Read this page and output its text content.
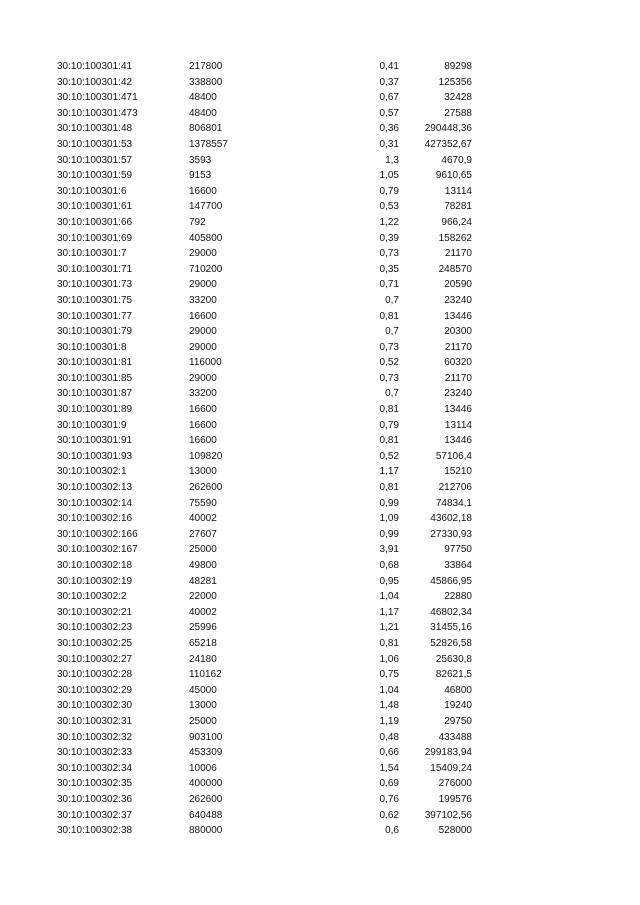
30:10:100301:41	217800	0,41	89298
30:10:100301:42	338800	0,37	125356
30:10:100301:471	48400	0,67	32428
30:10:100301:473	48400	0,57	27588
30:10:100301:48	806801	0,36	290448,36
30:10:100301:53	1378557	0,31	427352,67
30:10:100301:57	3593	1,3	4670,9
30:10:100301:59	9153	1,05	9610,65
30:10:100301:6	16600	0,79	13114
30:10:100301:61	147700	0,53	78281
30:10:100301:66	792	1,22	966,24
30:10:100301:69	405800	0,39	158262
30:10:100301:7	29000	0,73	21170
30:10:100301:71	710200	0,35	248570
30:10:100301:73	29000	0,71	20590
30:10:100301:75	33200	0,7	23240
30:10:100301:77	16600	0,81	13446
30:10:100301:79	29000	0,7	20300
30:10:100301:8	29000	0,73	21170
30:10:100301:81	116000	0,52	60320
30:10:100301:85	29000	0,73	21170
30:10:100301:87	33200	0,7	23240
30:10:100301:89	16600	0,81	13446
30:10:100301:9	16600	0,79	13114
30:10:100301:91	16600	0,81	13446
30:10:100301:93	109820	0,52	57106,4
30:10:100302:1	13000	1,17	15210
30:10:100302:13	262600	0,81	212706
30:10:100302:14	75590	0,99	74834,1
30:10:100302:16	40002	1,09	43602,18
30:10:100302:166	27607	0,99	27330,93
30:10:100302:167	25000	3,91	97750
30:10:100302:18	49800	0,68	33864
30:10:100302:19	48281	0,95	45866,95
30:10:100302:2	22000	1,04	22880
30:10:100302:21	40002	1,17	46802,34
30:10:100302:23	25996	1,21	31455,16
30:10:100302:25	65218	0,81	52826,58
30:10:100302:27	24180	1,06	25630,8
30:10:100302:28	110162	0,75	82621,5
30:10:100302:29	45000	1,04	46800
30:10:100302:30	13000	1,48	19240
30:10:100302:31	25000	1,19	29750
30:10:100302:32	903100	0,48	433488
30:10:100302:33	453309	0,66	299183,94
30:10:100302:34	10006	1,54	15409,24
30:10:100302:35	400000	0,69	276000
30:10:100302:36	262600	0,76	199576
30:10:100302:37	640488	0,62	397102,56
30:10:100302:38	880000	0,6	528000
